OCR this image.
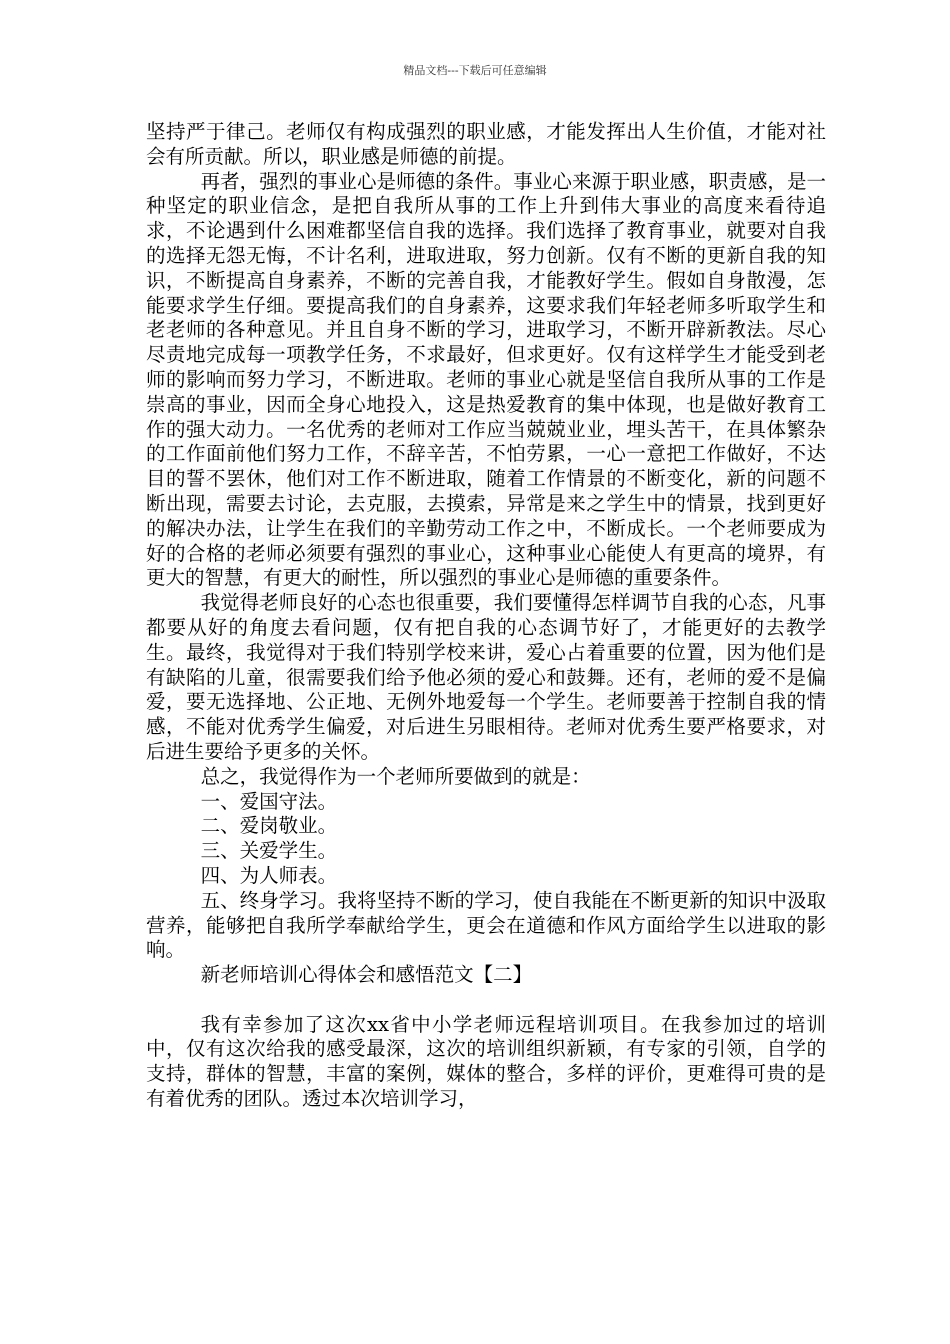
精品文档---下载后可任意编辑

坚持严于律己。老师仅有构成强烈的职业感，才能发挥出人生价值，才能对社会有所贡献。所以，职业感是师德的前提。

再者，强烈的事业心是师德的条件。事业心来源于职业感，职责感，是一种坚定的职业信念，是把自我所从事的工作上升到伟大事业的高度来看待追求，不论遇到什么困难都坚信自我的选择。我们选择了教育事业，就要对自我的选择无怨无悔，不计名利，进取进取，努力创新。仅有不断的更新自我的知识，不断提高自身素养，不断的完善自我，才能教好学生。假如自身散漫，怎能要求学生仔细。要提高我们的自身素养，这要求我们年轻老师多听取学生和老老师的各种意见。并且自身不断的学习，进取学习，不断开辟新教法。尽心尽责地完成每一项教学任务，不求最好，但求更好。仅有这样学生才能受到老师的影响而努力学习，不断进取。老师的事业心就是坚信自我所从事的工作是崇高的事业，因而全身心地投入，这是热爱教育的集中体现，也是做好教育工作的强大动力。一名优秀的老师对工作应当兢兢业业，埋头苦干，在具体繁杂的工作面前他们努力工作，不辞辛苦，不怕劳累，一心一意把工作做好，不达目的誓不罢休，他们对工作不断进取，随着工作情景的不断变化，新的问题不断出现，需要去讨论，去克服，去摸索，异常是来之学生中的情景，找到更好的解决办法，让学生在我们的辛勤劳动工作之中，不断成长。一个老师要成为好的合格的老师必须要有强烈的事业心，这种事业心能使人有更高的境界，有更大的智慧，有更大的耐性，所以强烈的事业心是师德的重要条件。

我觉得老师良好的心态也很重要，我们要懂得怎样调节自我的心态，凡事都要从好的角度去看问题，仅有把自我的心态调节好了，才能更好的去教学生。最终，我觉得对于我们特别学校来讲，爱心占着重要的位置，因为他们是有缺陷的儿童，很需要我们给予他必须的爱心和鼓舞。还有，老师的爱不是偏爱，要无选择地、公正地、无例外地爱每一个学生。老师要善于控制自我的情感，不能对优秀学生偏爱，对后进生另眼相待。老师对优秀生要严格要求，对后进生要给予更多的关怀。

总之，我觉得作为一个老师所要做到的就是：

一、爱国守法。

二、爱岗敬业。

三、关爱学生。

四、为人师表。

五、终身学习。我将坚持不断的学习，使自我能在不断更新的知识中汲取营养，能够把自我所学奉献给学生，更会在道德和作风方面给学生以进取的影响。

新老师培训心得体会和感悟范文【二】

我有幸参加了这次xx省中小学老师远程培训项目。在我参加过的培训中，仅有这次给我的感受最深，这次的培训组织新颖，有专家的引领，自学的支持，群体的智慧，丰富的案例，媒体的整合，多样的评价，更难得可贵的是有着优秀的团队。透过本次培训学习，
